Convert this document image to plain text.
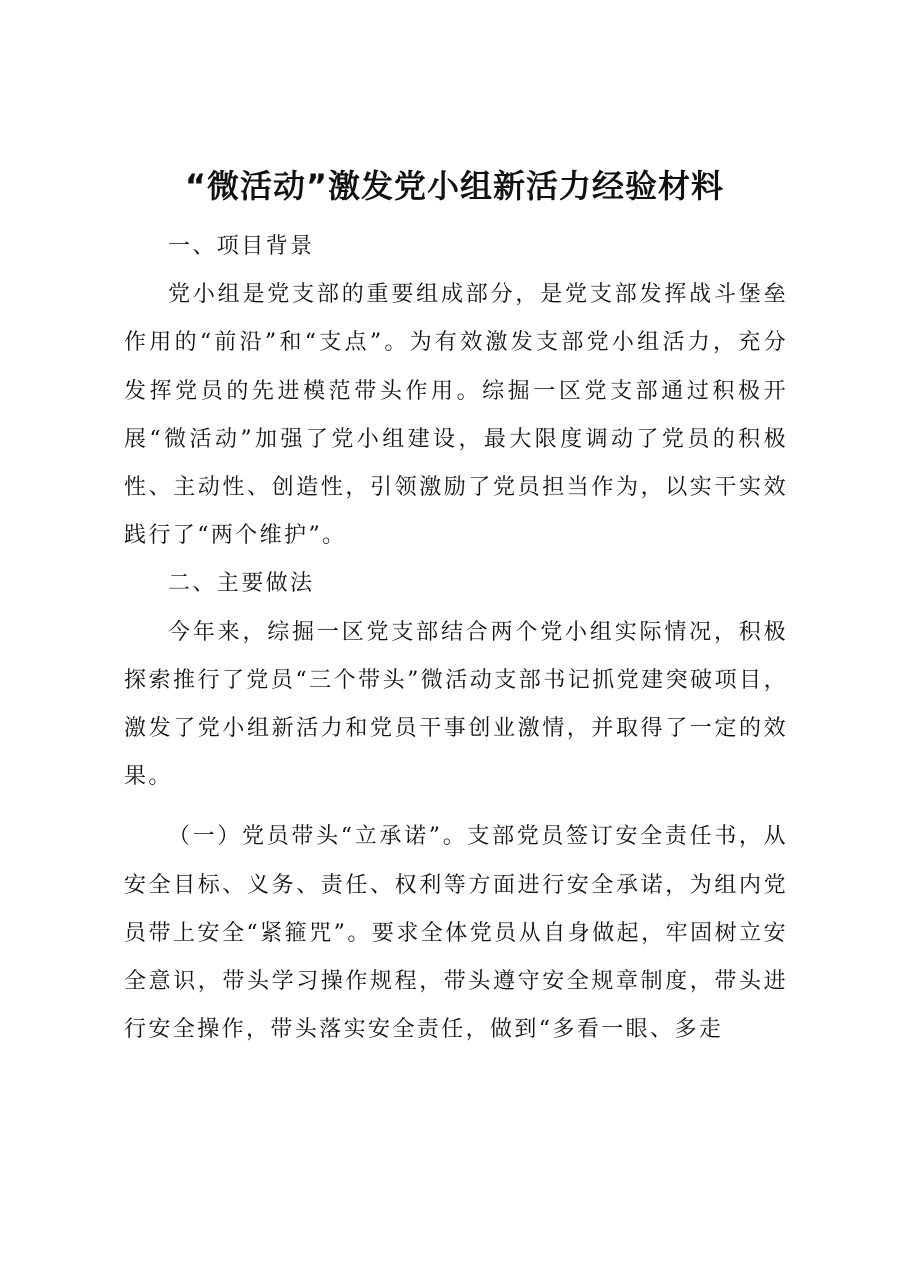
“微活动”激发党小组新活力经验材料

一、项目背景

党小组是党支部的重要组成部分，是党支部发挥战斗堡垒作用的“前沿”和“支点”。为有效激发支部党小组活力，充分发挥党员的先进模范带头作用。综掘一区党支部通过积极开展“微活动”加强了党小组建设，最大限度调动了党员的积极性、主动性、创造性，引领激励了党员担当作为，以实干实效践行了“两个维护”。

二、主要做法

今年来，综掘一区党支部结合两个党小组实际情况，积极探索推行了党员“三个带头”微活动支部书记抓党建突破项目，激发了党小组新活力和党员干事创业激情，并取得了一定的效果。

（一）党员带头“立承诺”。支部党员签订安全责任书，从安全目标、义务、责任、权利等方面进行安全承诺，为组内党员带上安全“紧箍咒”。要求全体党员从自身做起，牢固树立安全意识，带头学习操作规程，带头遵守安全规章制度，带头进行安全操作，带头落实安全责任，做到“多看一眼、多走
